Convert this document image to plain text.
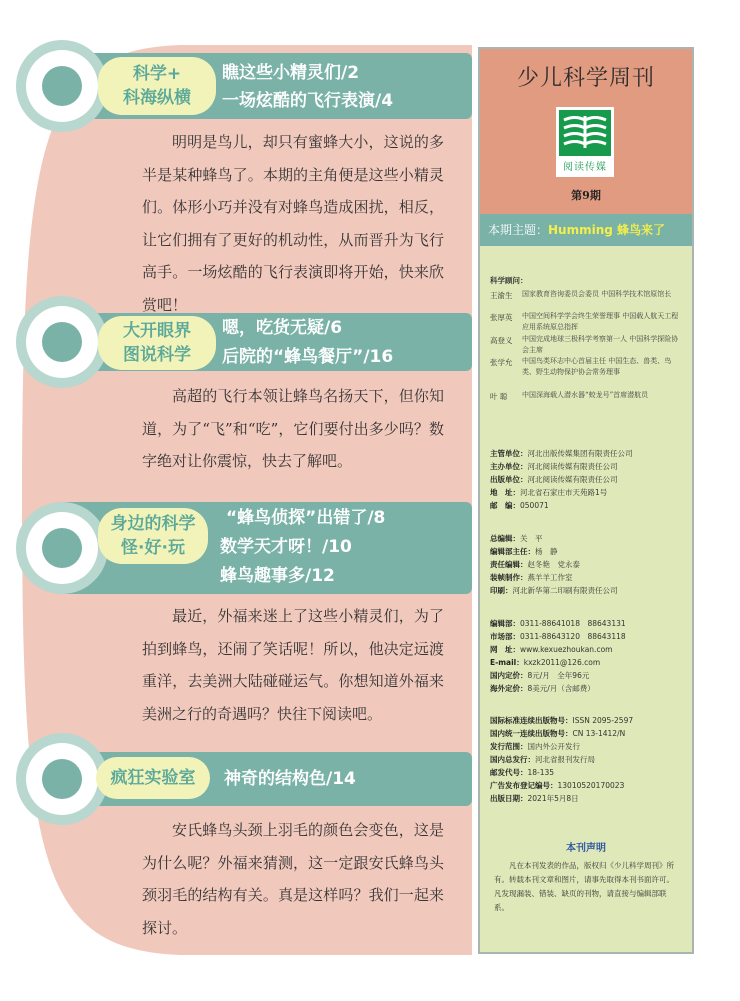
科学+
科海纵横
瞧这些小精灵们/2
一场炫酷的飞行表演/4
明明是鸟儿，却只有蜜蜂大小，这说的多半是某种蜂鸟了。本期的主角便是这些小精灵们。体形小巧并没有对蜂鸟造成困扰，相反，让它们拥有了更好的机动性，从而晋升为飞行高手。一场炫酷的飞行表演即将开始，快来欣赏吧！
大开眼界
图说科学
嗯，吃货无疑/6
后院的“蜂鸟餐厅”/16
高超的飞行本领让蜂鸟名扬天下，但你知道，为了“飞”和“吃”，它们要付出多少吗？数字绝对让你震惊，快去了解吧。
身边的科学
怪·好·玩
“蜂鸟侦探”出错了/8
数学天才呀！/10
蜂鸟趣事多/12
最近，外福来迷上了这些小精灵们，为了拍到蜂鸟，还闹了笑话呢！所以，他决定远渡重洋，去美洲大陆碰碰运气。你想知道外福来美洲之行的奇遇吗？快往下阅读吧。
疯狂实验室 神奇的结构色/14
安氏蜂鸟头颈上羽毛的颜色会变色，这是为什么呢？外福来猜测，这一定跟安氏蜂鸟头颈羽毛的结构有关。真是这样吗？我们一起来探讨。
少儿科学周刊
阅读传媒
第9期
本期主题：Humming 蜂鸟来了
科学顾问：
王渝生	国家教育咨询委员会委员 中国科学技术馆原馆长
张厚英	中国空间科学学会终生荣誉理事 中国载人航天工程应用系统原总指挥
高登义	中国完成地球三极科学考察第一人 中国科学探险协会主席
张学允	中国鸟类环志中心首届主任 中国生态、兽类、鸟类、野生动物保护协会常务理事
叶 聪	中国深海载人潜水器“蛟龙号”首席潜航员
主管单位：河北出版传媒集团有限责任公司
主办单位：河北阅读传媒有限责任公司
出版单位：河北阅读传媒有限责任公司
地　址：河北省石家庄市天苑路1号
邮　编：050071
总编辑：关　平
编辑部主任：杨　静
责任编辑：赵冬艳　党永泰
装帧制作：燕羊羊工作室
印刷：河北新华第二印刷有限责任公司
编辑部：0311-88641018　88643131
市场部：0311-88643120　88643118
网　址：www.kexuezhoukan.com
E-mail：kxzk2011@126.com
国内定价：8元/月　全年96元
海外定价：8美元/月（含邮费）
国际标准连续出版物号：ISSN 2095-2597
国内统一连续出版物号：CN 13-1412/N
发行范围：国内外公开发行
国内总发行：河北省报刊发行局
邮发代号：18-135
广告发布登记编号：1301052017002З
出版日期：2021年5月8日
本刊声明
凡在本刊发表的作品，版权归《少儿科学周刊》所有。转载本刊文章和图片，请事先取得本刊书面许可。凡发现漏装、错装、缺页的刊物，请直接与编辑部联系。
